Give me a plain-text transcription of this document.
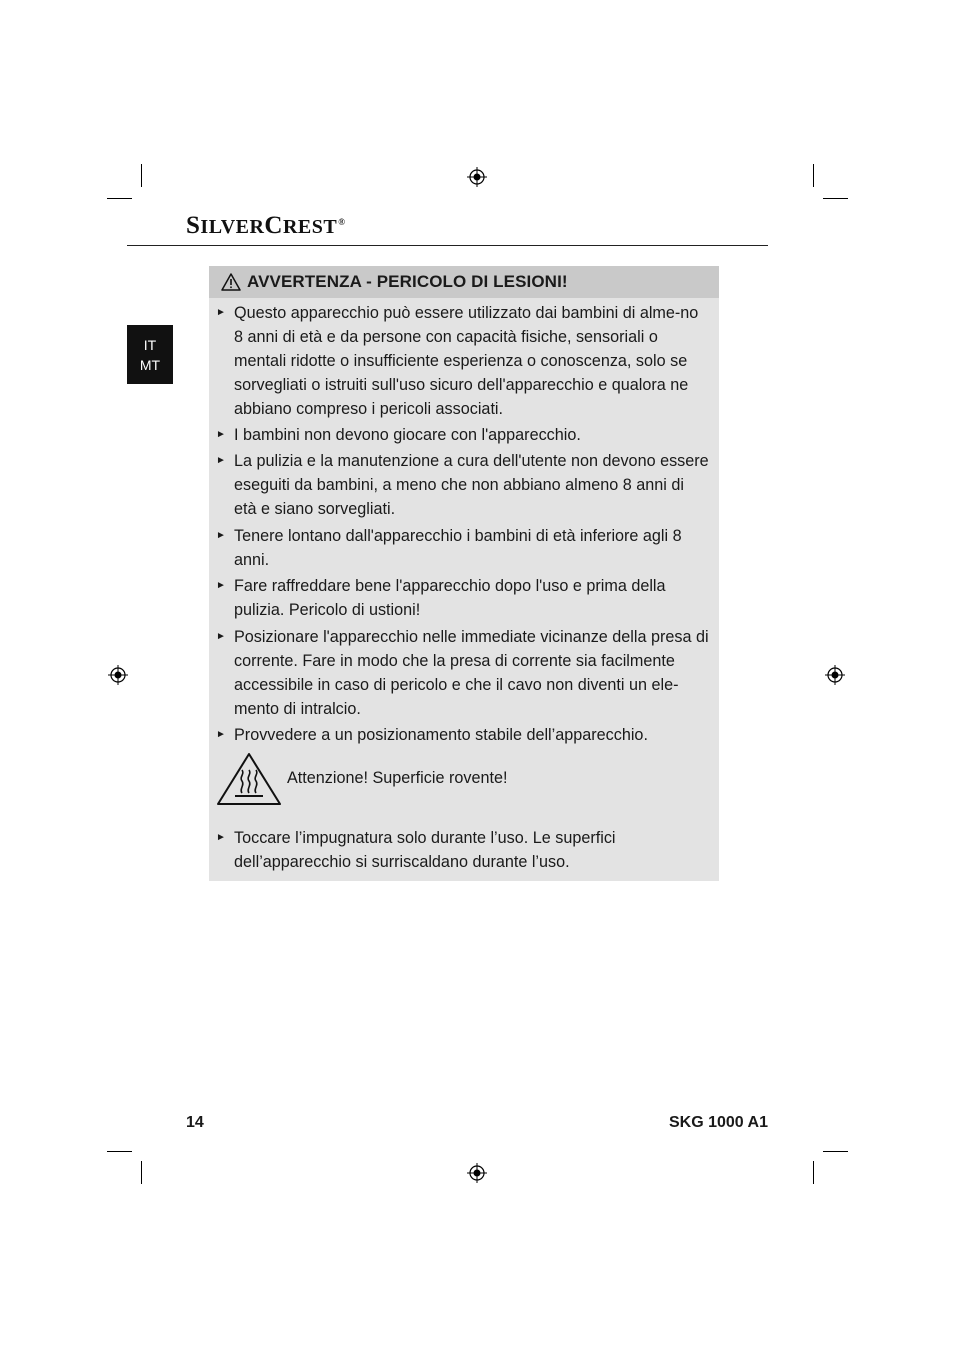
SILVERCREST®
IT
MT
AVVERTENZA - PERICOLO DI LESIONI!
► Questo apparecchio può essere utilizzato dai bambini di alme-no 8 anni di età e da persone con capacità fisiche, sensoriali o mentali ridotte o insufficiente esperienza o conoscenza, solo se sorvegliati o istruiti sull'uso sicuro dell'apparecchio e qualora ne abbiano compreso i pericoli associati.
► I bambini non devono giocare con l'apparecchio.
► La pulizia e la manutenzione a cura dell'utente non devono essere eseguiti da bambini, a meno che non abbiano almeno 8 anni di età e siano sorvegliati.
► Tenere lontano dall'apparecchio i bambini di età inferiore agli 8 anni.
► Fare raffreddare bene l'apparecchio dopo l'uso e prima della pulizia. Pericolo di ustioni!
► Posizionare l'apparecchio nelle immediate vicinanze della presa di corrente. Fare in modo che la presa di corrente sia facilmente accessibile in caso di pericolo e che il cavo non diventi un ele-mento di intralcio.
► Provvedere a un posizionamento stabile dell’apparecchio.
Attenzione! Superficie rovente!
► Toccare l’impugnatura solo durante l’uso. Le superfici dell’apparecchio si surriscaldano durante l’uso.
14	SKG 1000 A1
